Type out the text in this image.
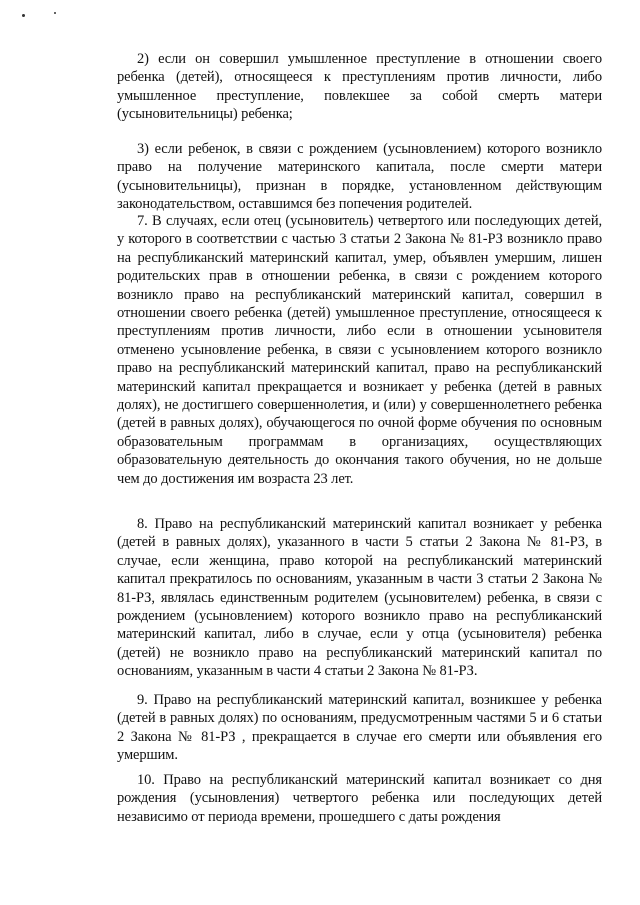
2) если он совершил умышленное преступление в отношении своего ребенка (детей), относящееся к преступлениям против личности, либо умышленное преступление, повлекшее за собой смерть матери (усыновительницы) ребенка;

3) если ребенок, в связи с рождением (усыновлением) которого возникло право на получение материнского капитала, после смерти матери (усыновительницы), признан в порядке, установленном действующим законодательством, оставшимся без попечения родителей.

7. В случаях, если отец (усыновитель) четвертого или последующих детей, у которого в соответствии с частью 3 статьи 2 Закона № 81-РЗ возникло право на республиканский материнский капитал, умер, объявлен умершим, лишен родительских прав в отношении ребенка, в связи с рождением которого возникло право на республиканский материнский капитал, совершил в отношении своего ребенка (детей) умышленное преступление, относящееся к преступлениям против личности, либо если в отношении усыновителя отменено усыновление ребенка, в связи с усыновлением которого возникло право на республиканский материнский капитал, право на республиканский материнский капитал прекращается и возникает у ребенка (детей в равных долях), не достигшего совершеннолетия, и (или) у совершеннолетнего ребенка (детей в равных долях), обучающегося по очной форме обучения по основным образовательным программам в организациях, осуществляющих образовательную деятельность до окончания такого обучения, но не дольше чем до достижения им возраста 23 лет.

8. Право на республиканский материнский капитал возникает у ребенка (детей в равных долях), указанного в части 5 статьи 2 Закона № 81-РЗ, в случае, если женщина, право которой на республиканский материнский капитал прекратилось по основаниям, указанным в части 3 статьи 2 Закона № 81-РЗ, являлась единственным родителем (усыновителем) ребенка, в связи с рождением (усыновлением) которого возникло право на республиканский материнский капитал, либо в случае, если у отца (усыновителя) ребенка (детей) не возникло право на республиканский материнский капитал по основаниям, указанным в части 4 статьи 2 Закона № 81-РЗ.

9. Право на республиканский материнский капитал, возникшее у ребенка (детей в равных долях) по основаниям, предусмотренным частями 5 и 6 статьи 2 Закона № 81-РЗ , прекращается в случае его смерти или объявления его умершим.

10. Право на республиканский материнский капитал возникает со дня рождения (усыновления) четвертого ребенка или последующих детей независимо от периода времени, прошедшего с даты рождения
